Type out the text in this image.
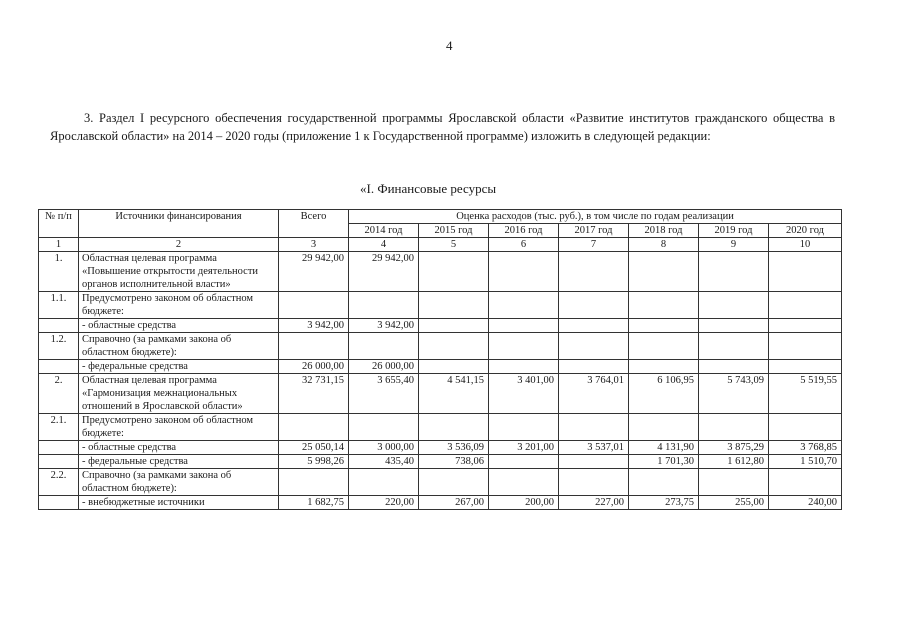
4

3. Раздел I ресурсного обеспечения государственной программы Ярославской области «Развитие институтов гражданского общества в Ярославской области» на 2014 – 2020 годы (приложение 1 к Государственной программе) изложить в следующей редакции:

«I. Финансовые ресурсы
№ п/п	Источники финансирования	Всего	Оценка расходов (тыс. руб.), в том числе по годам реализации						
			2014 год	2015 год	2016 год	2017 год	2018 год	2019 год	2020 год
1	2	3	4	5	6	7	8	9	10
1.	Областная целевая программа «Повышение открытости деятельности органов исполнительной власти»	29 942,00	29 942,00						
1.1.	Предусмотрено законом об областном бюджете:								
	- областные средства	3 942,00	3 942,00						
1.2.	Справочно (за рамками закона об областном бюджете):								
	- федеральные средства	26 000,00	26 000,00						
2.	Областная целевая программа «Гармонизация межнациональных отношений в Ярославской области»	32 731,15	3 655,40	4 541,15	3 401,00	3 764,01	6 106,95	5 743,09	5 519,55
2.1.	Предусмотрено законом об областном бюджете:								
	- областные средства	25 050,14	3 000,00	3 536,09	3 201,00	3 537,01	4 131,90	3 875,29	3 768,85
	- федеральные средства	5 998,26	435,40	738,06			1 701,30	1 612,80	1 510,70
2.2.	Справочно (за рамками закона об областном бюджете):								
	- внебюджетные источники	1 682,75	220,00	267,00	200,00	227,00	273,75	255,00	240,00
